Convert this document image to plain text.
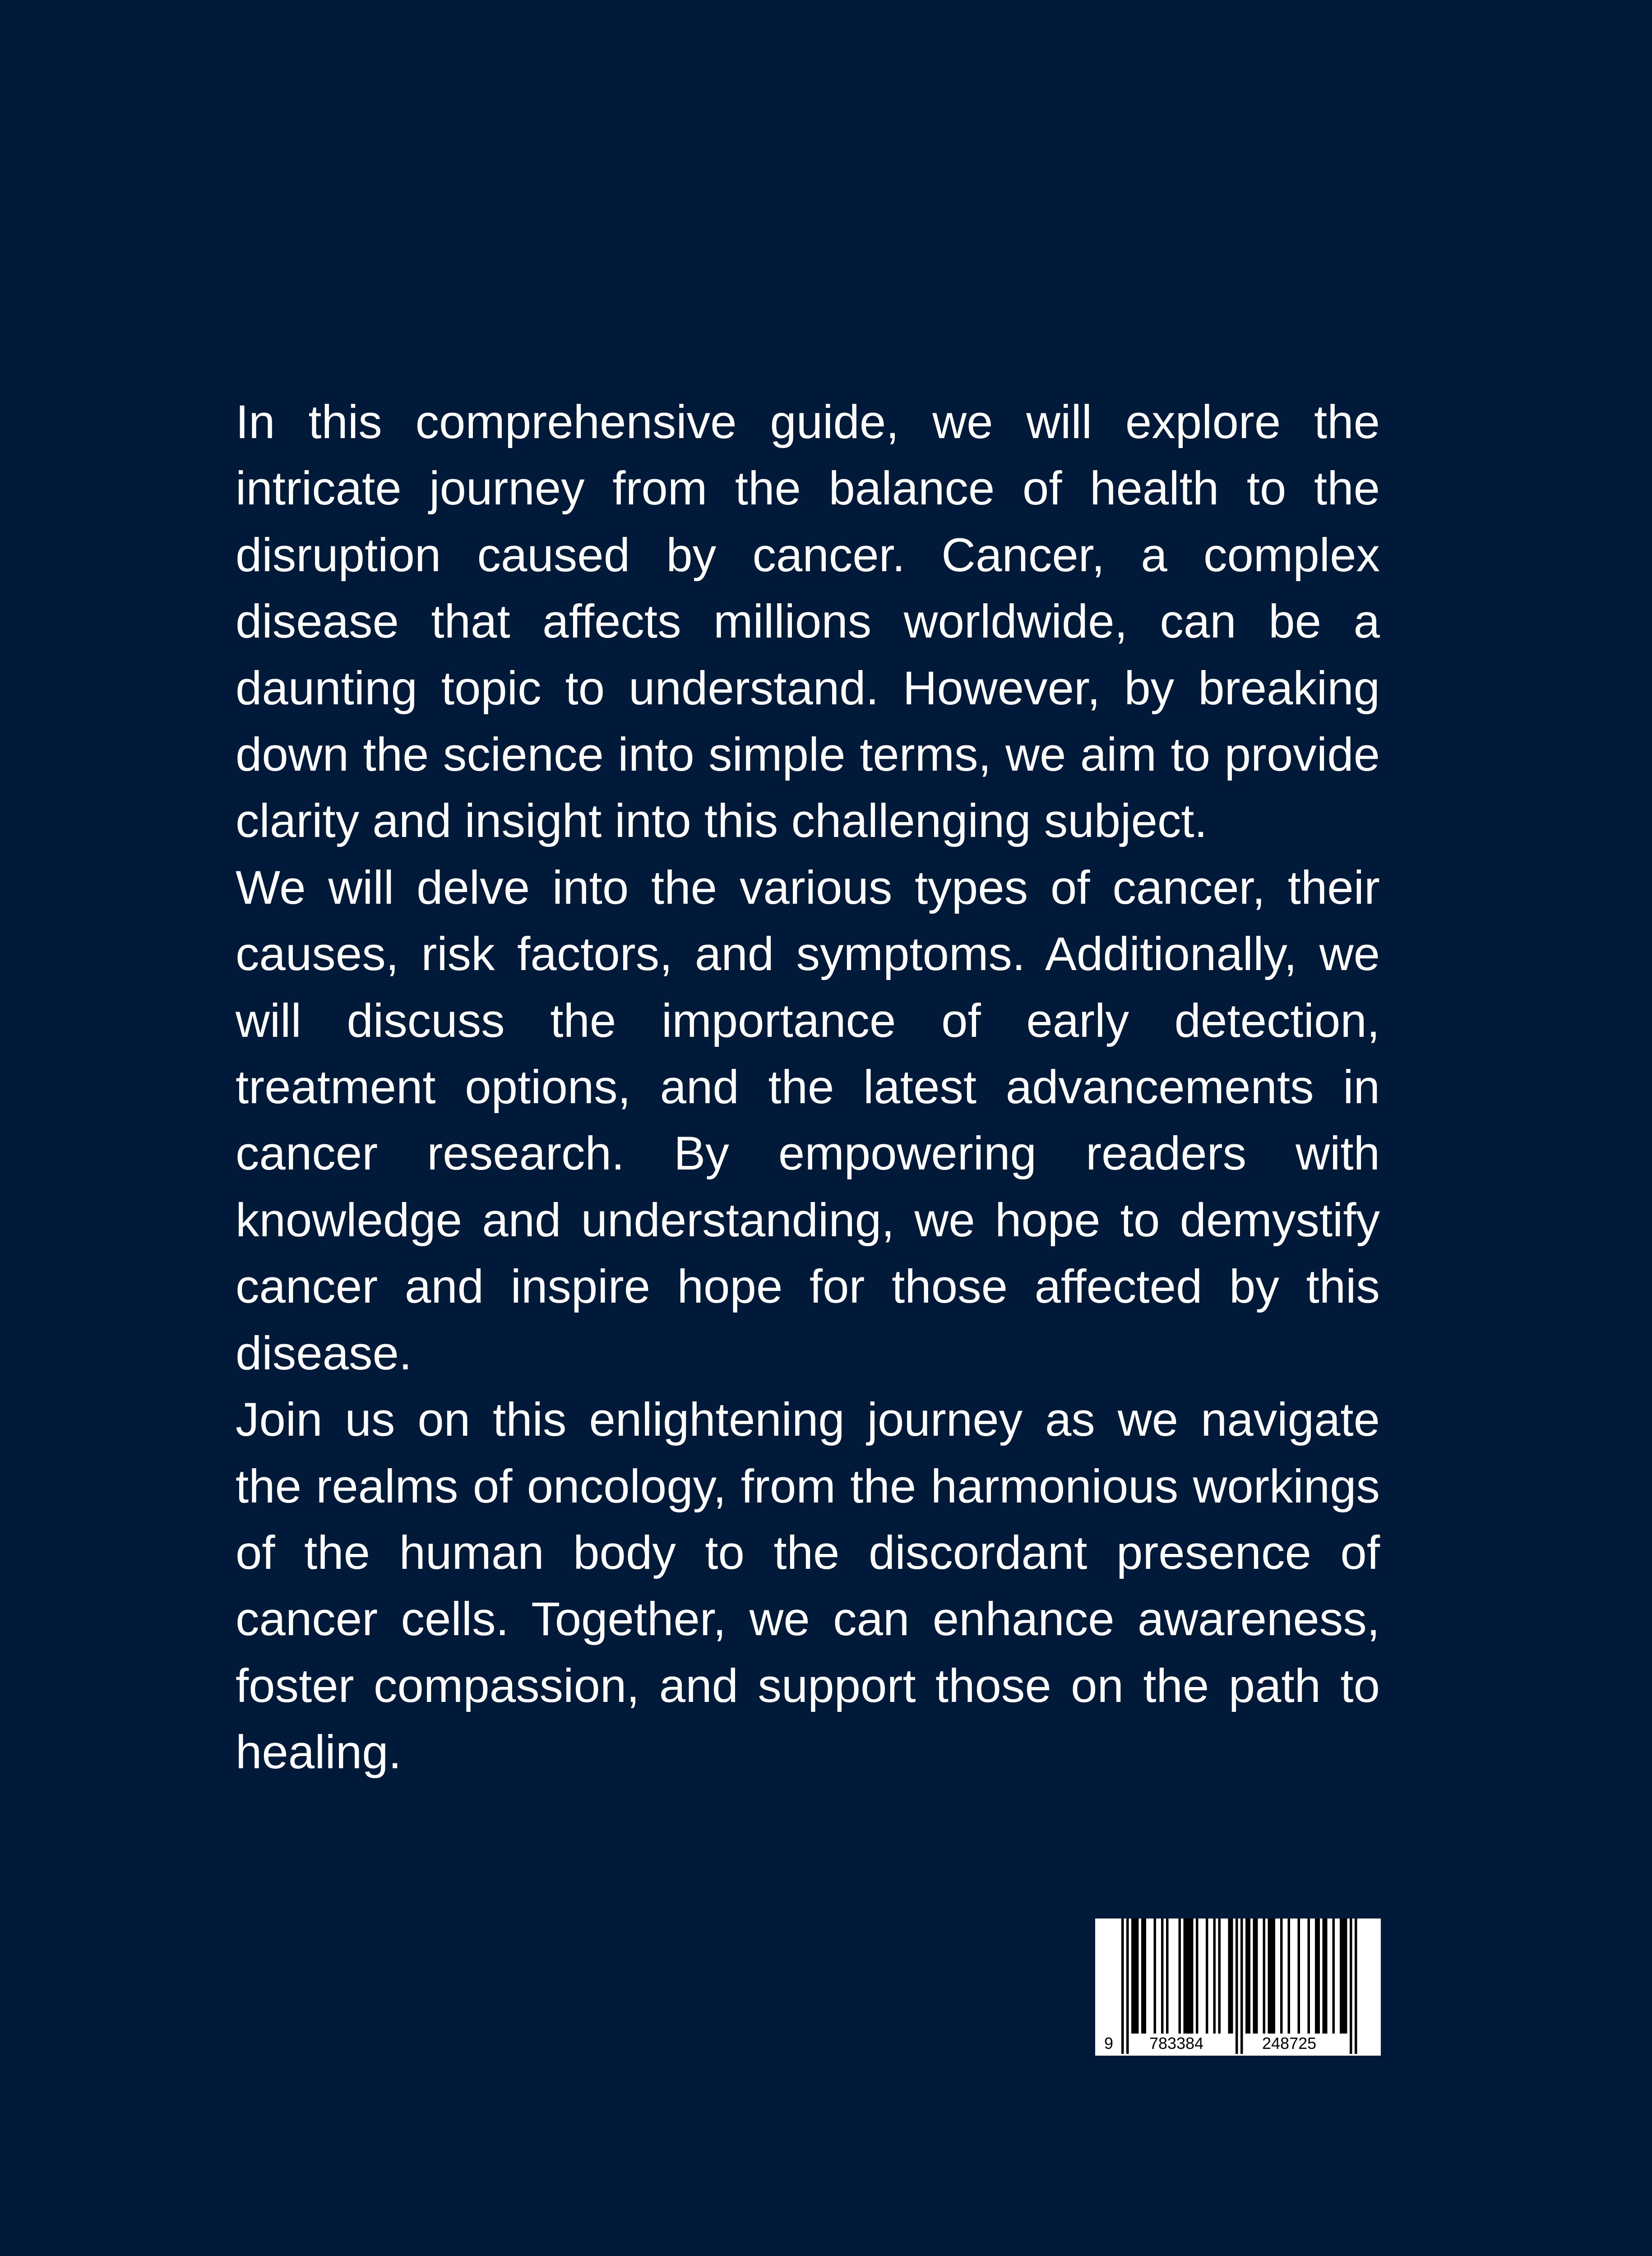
In this comprehensive guide, we will explore the intricate journey from the balance of health to the disruption caused by cancer. Cancer, a complex disease that affects millions worldwide, can be a daunting topic to understand. However, by breaking down the science into simple terms, we aim to provide clarity and insight into this challenging subject.

We will delve into the various types of cancer, their causes, risk factors, and symptoms. Additionally, we will discuss the importance of early detection, treatment options, and the latest advancements in cancer research. By empowering readers with knowledge and understanding, we hope to demystify cancer and inspire hope for those affected by this disease.

Join us on this enlightening journey as we navigate the realms of oncology, from the harmonious workings of the human body to the discordant presence of cancer cells. Together, we can enhance awareness, foster compassion, and support those on the path to healing.

9 783384	248725
